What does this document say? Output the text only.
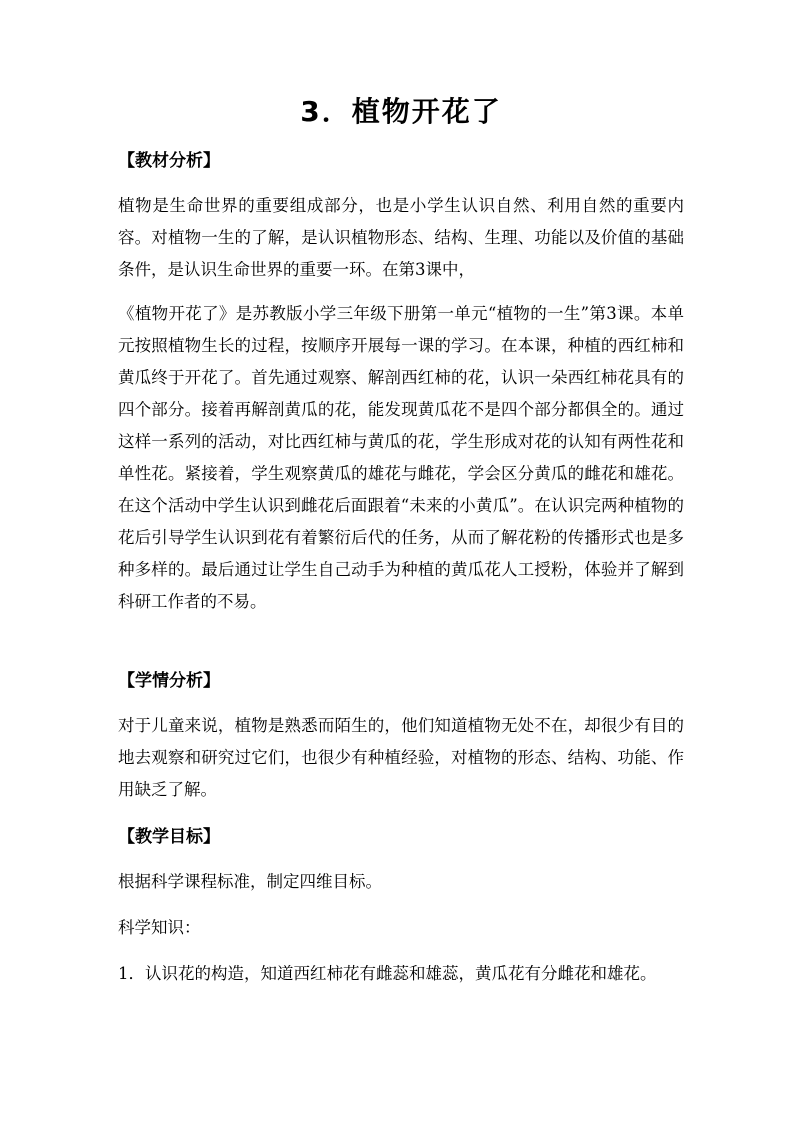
3．植物开花了
【教材分析】
植物是生命世界的重要组成部分，也是小学生认识自然、利用自然的重要内容。对植物一生的了解，是认识植物形态、结构、生理、功能以及价值的基础条件，是认识生命世界的重要一环。在第3课中，
《植物开花了》是苏教版小学三年级下册第一单元“植物的一生”第3课。本单元按照植物生长的过程，按顺序开展每一课的学习。在本课，种植的西红柿和黄瓜终于开花了。首先通过观察、解剖西红柿的花，认识一朵西红柿花具有的四个部分。接着再解剖黄瓜的花，能发现黄瓜花不是四个部分都俱全的。通过这样一系列的活动，对比西红柿与黄瓜的花，学生形成对花的认知有两性花和单性花。紧接着，学生观察黄瓜的雄花与雌花，学会区分黄瓜的雌花和雄花。在这个活动中学生认识到雌花后面跟着“未来的小黄瓜”。在认识完两种植物的花后引导学生认识到花有着繁衍后代的任务，从而了解花粉的传播形式也是多种多样的。最后通过让学生自己动手为种植的黄瓜花人工授粉，体验并了解到科研工作者的不易。
【学情分析】
对于儿童来说，植物是熟悉而陌生的，他们知道植物无处不在，却很少有目的地去观察和研究过它们，也很少有种植经验，对植物的形态、结构、功能、作用缺乏了解。
【教学目标】
根据科学课程标准，制定四维目标。
科学知识：
1．认识花的构造，知道西红柿花有雌蕊和雄蕊，黄瓜花有分雌花和雄花。
